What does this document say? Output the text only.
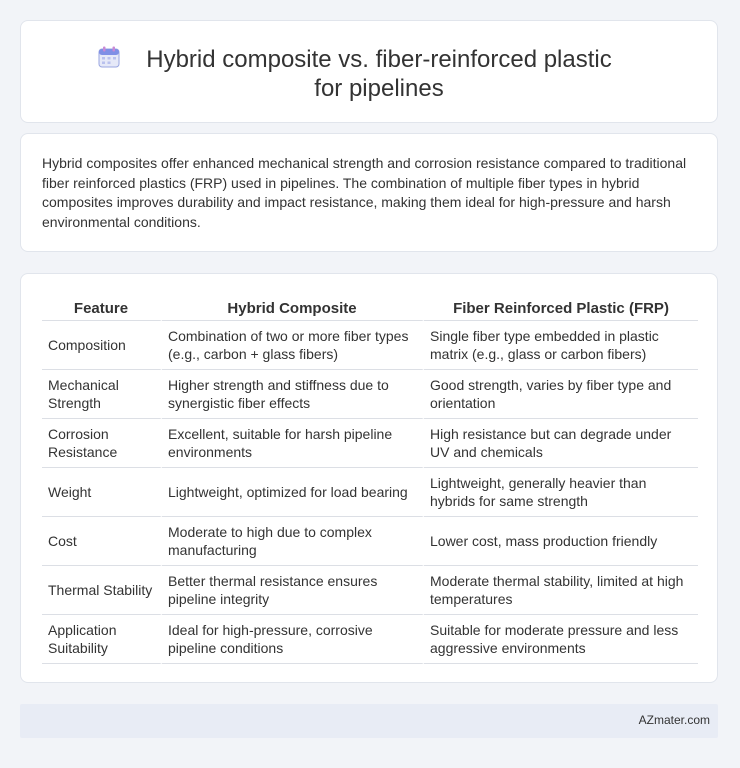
Hybrid composite vs. fiber-reinforced plastic for pipelines

Hybrid composites offer enhanced mechanical strength and corrosion resistance compared to traditional fiber reinforced plastics (FRP) used in pipelines. The combination of multiple fiber types in hybrid composites improves durability and impact resistance, making them ideal for high-pressure and harsh environmental conditions.

Feature	Hybrid Composite	Fiber Reinforced Plastic (FRP)
Composition	Combination of two or more fiber types (e.g., carbon + glass fibers)	Single fiber type embedded in plastic matrix (e.g., glass or carbon fibers)
Mechanical Strength	Higher strength and stiffness due to synergistic fiber effects	Good strength, varies by fiber type and orientation
Corrosion Resistance	Excellent, suitable for harsh pipeline environments	High resistance but can degrade under UV and chemicals
Weight	Lightweight, optimized for load bearing	Lightweight, generally heavier than hybrids for same strength
Cost	Moderate to high due to complex manufacturing	Lower cost, mass production friendly
Thermal Stability	Better thermal resistance ensures pipeline integrity	Moderate thermal stability, limited at high temperatures
Application Suitability	Ideal for high-pressure, corrosive pipeline conditions	Suitable for moderate pressure and less aggressive environments
AZmater.com
